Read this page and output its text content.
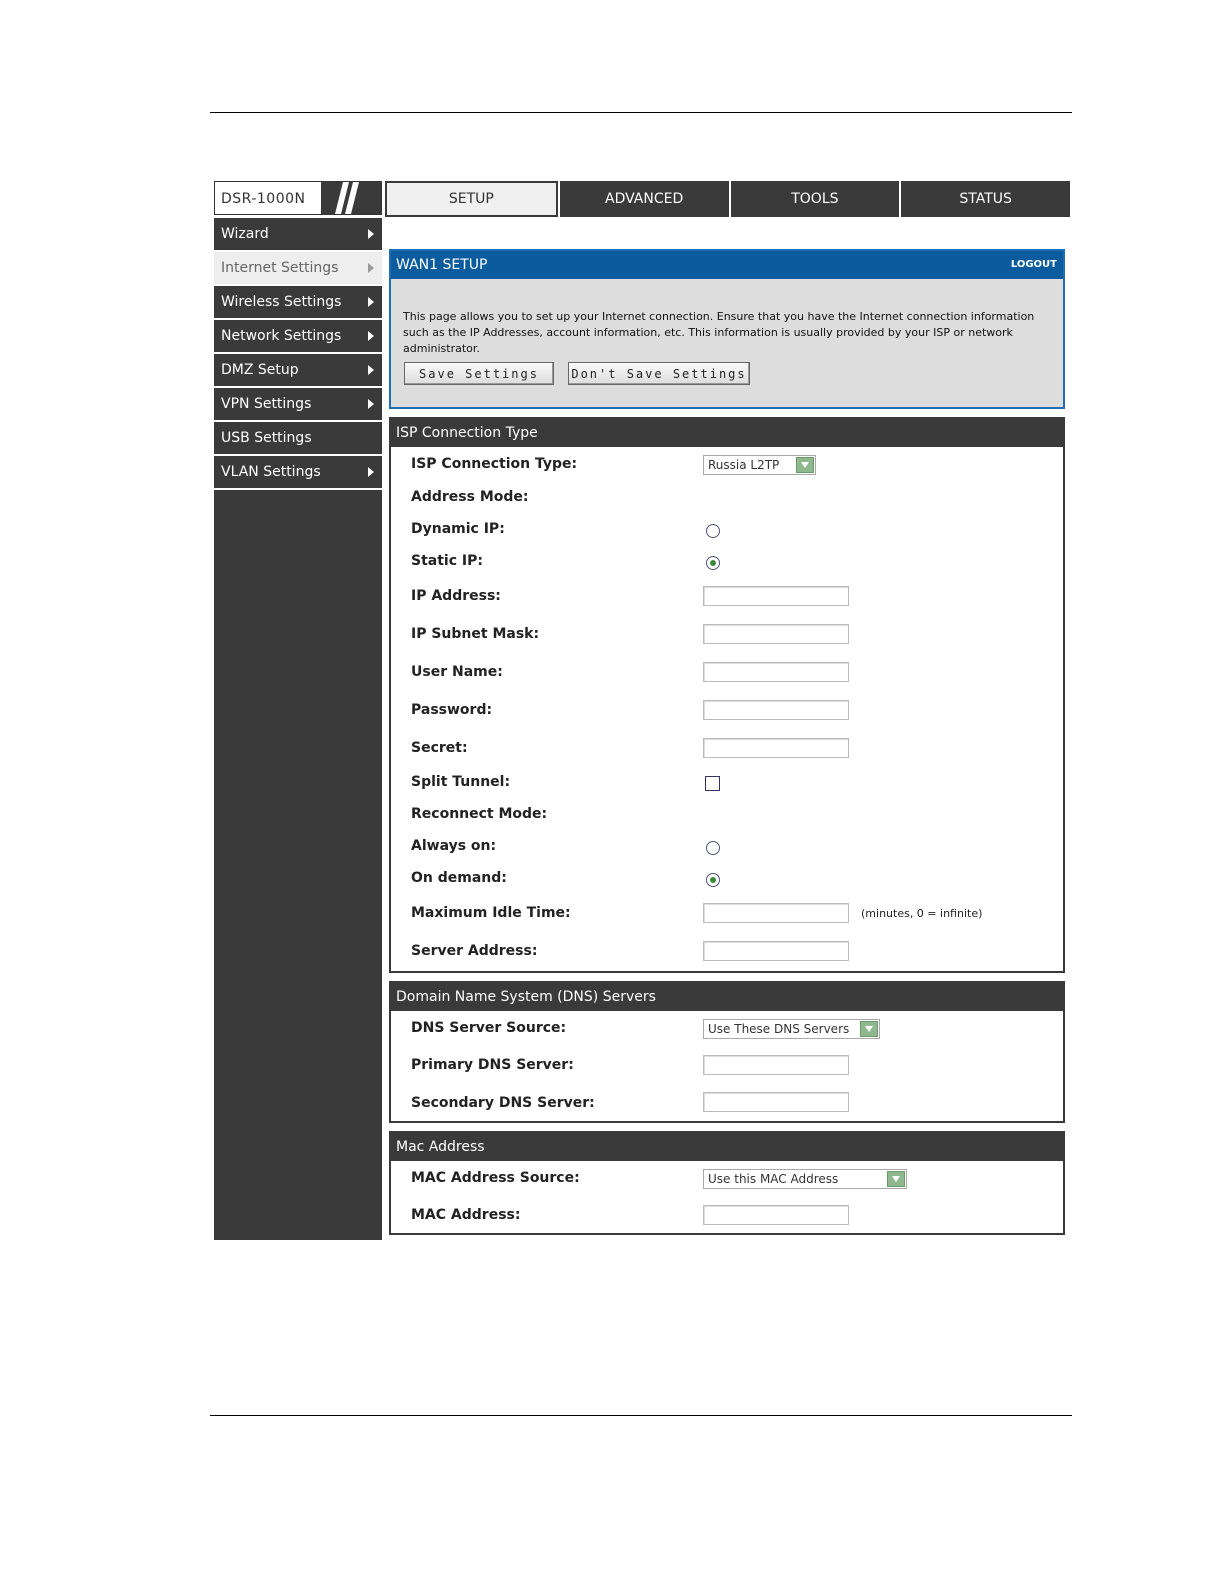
DSR-1000N	SETUP	ADVANCED	TOOLS	STATUS
Wizard
Internet Settings
Wireless Settings
Network Settings
DMZ Setup
VPN Settings
USB Settings
VLAN Settings
WAN1 SETUP	LOGOUT
This page allows you to set up your Internet connection. Ensure that you have the Internet connection information such as the IP Addresses, account information, etc. This information is usually provided by your ISP or network administrator.
Save Settings	Don't Save Settings
ISP Connection Type
ISP Connection Type:	Russia L2TP
Address Mode:
Dynamic IP:
Static IP:
IP Address:
IP Subnet Mask:
User Name:
Password:
Secret:
Split Tunnel:
Reconnect Mode:
Always on:
On demand:
Maximum Idle Time:	(minutes, 0 = infinite)
Server Address:
Domain Name System (DNS) Servers
DNS Server Source:	Use These DNS Servers
Primary DNS Server:
Secondary DNS Server:
Mac Address
MAC Address Source:	Use this MAC Address
MAC Address:
